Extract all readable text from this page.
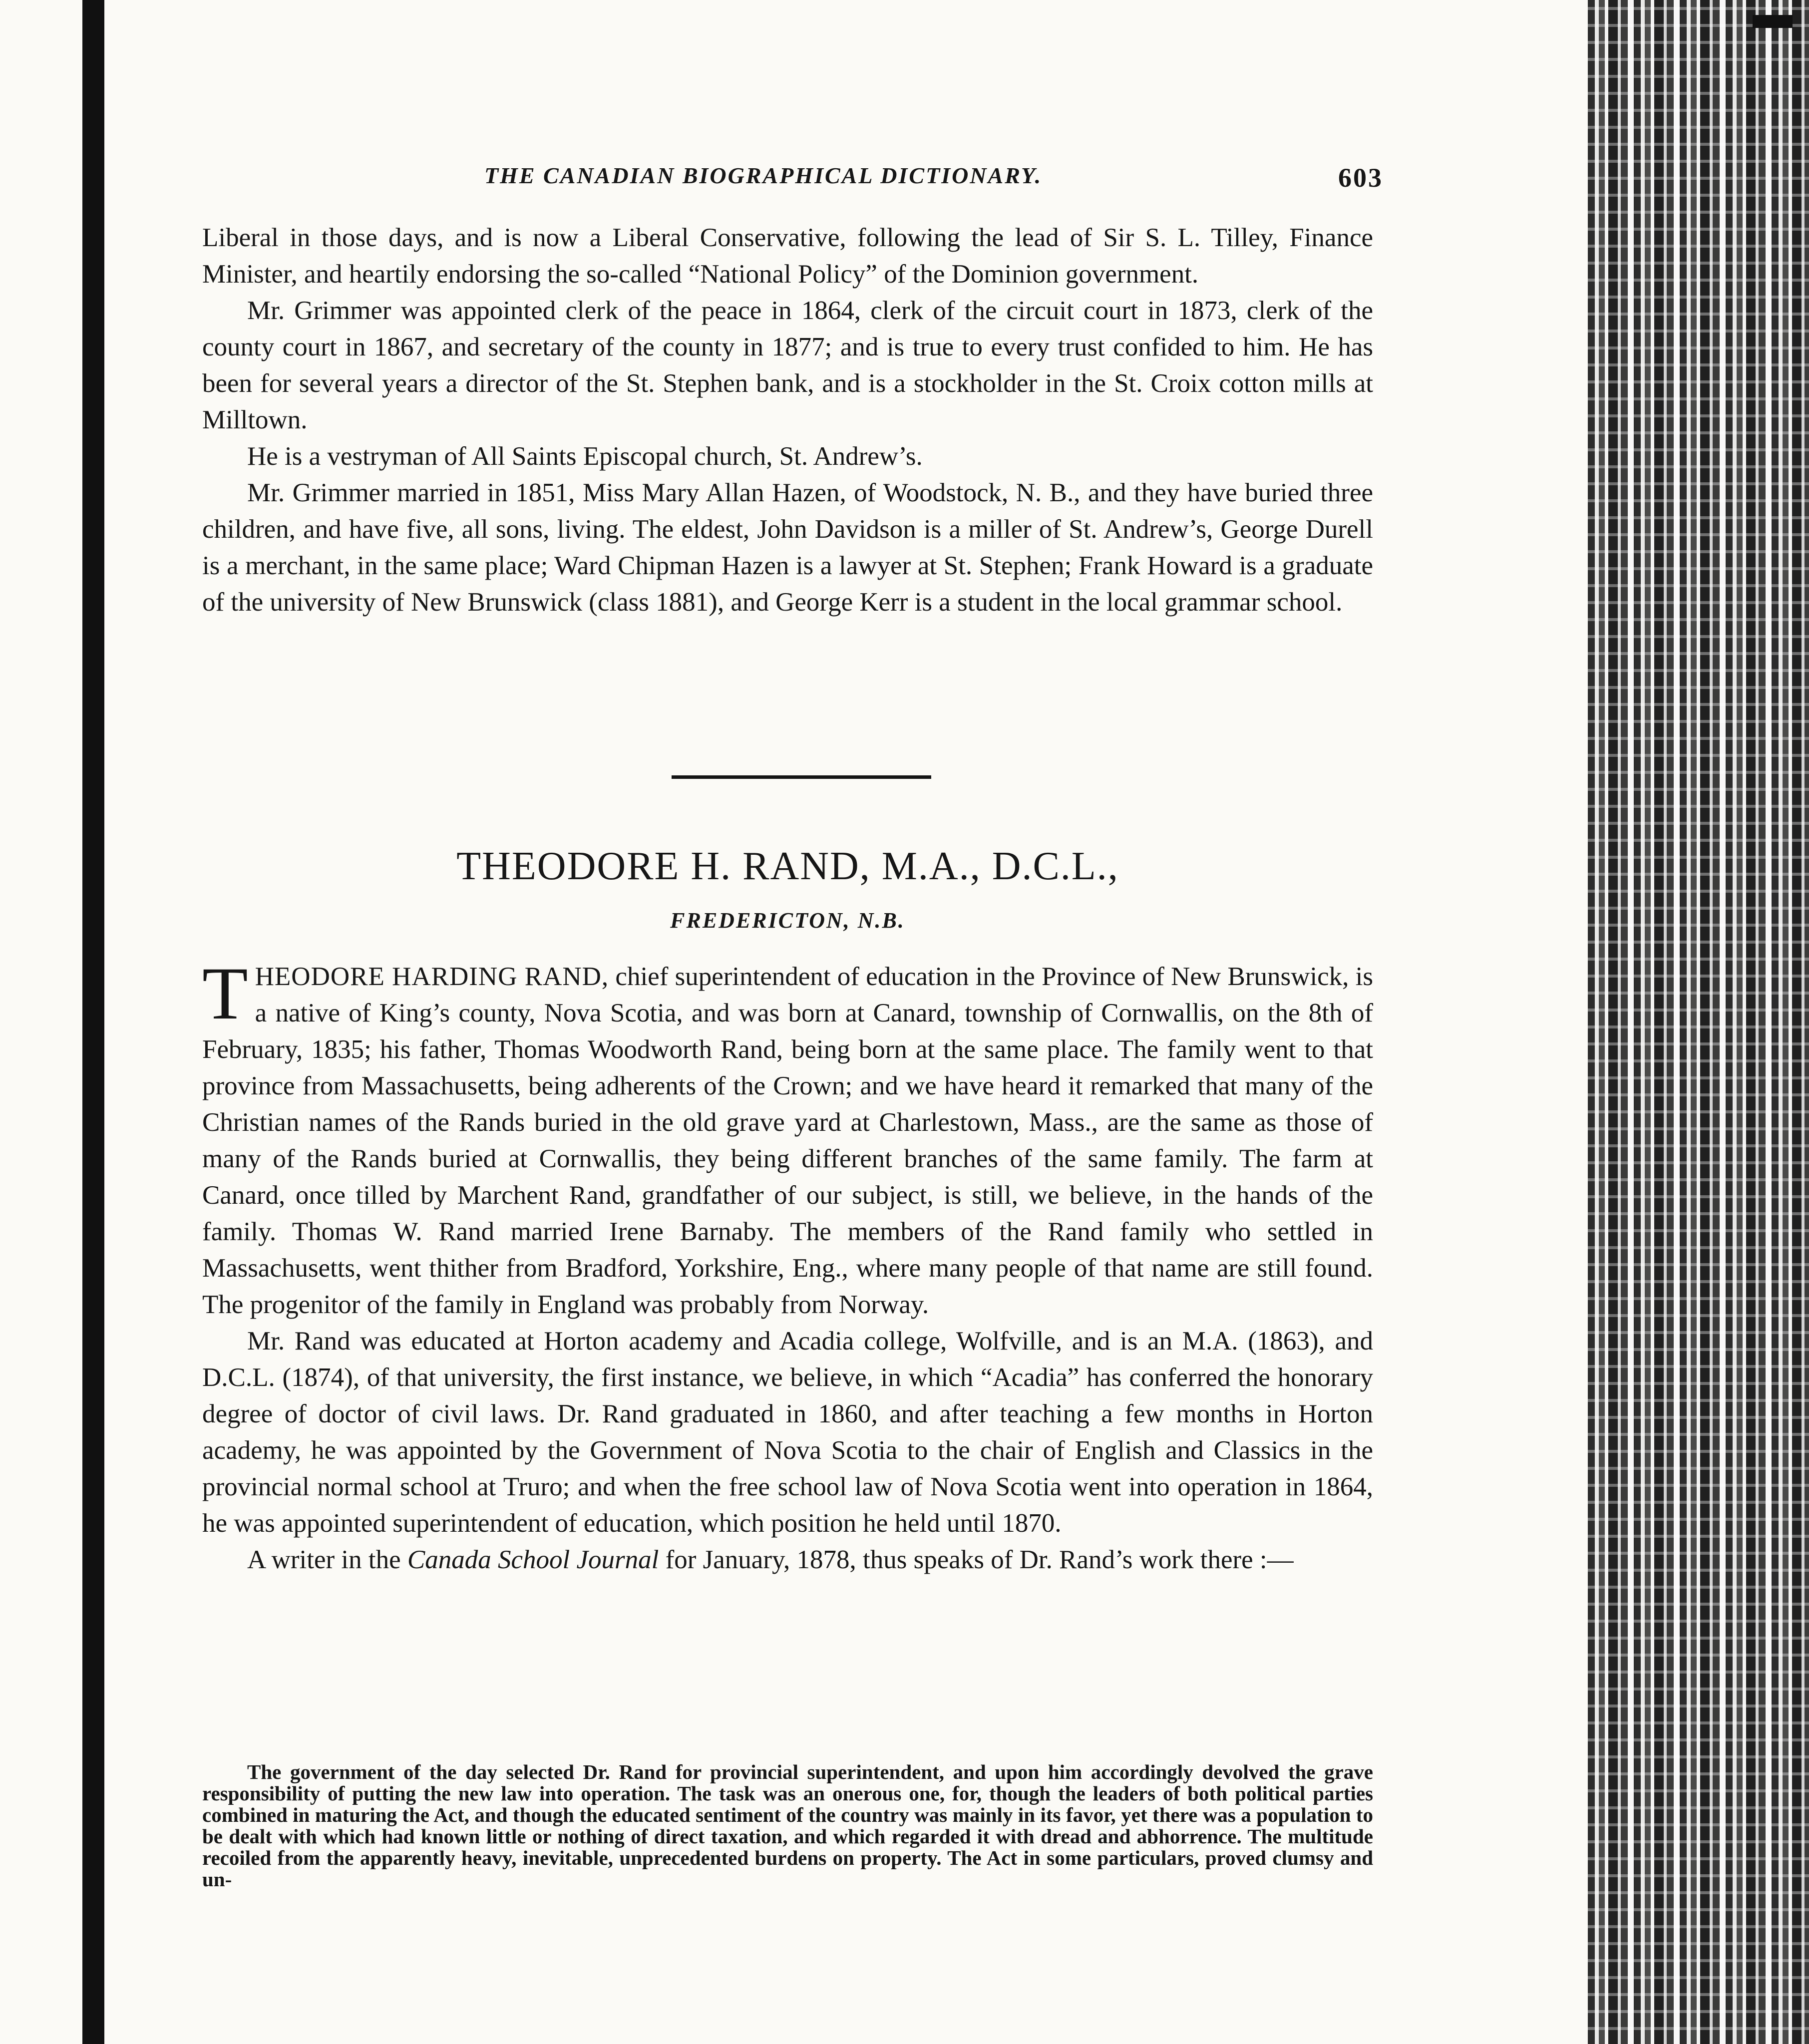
THE CANADIAN BIOGRAPHICAL DICTIONARY.	603

Liberal in those days, and is now a Liberal Conservative, following the lead of Sir S. L. Tilley, Finance Minister, and heartily endorsing the so-called “National Policy” of the Dominion government.

Mr. Grimmer was appointed clerk of the peace in 1864, clerk of the circuit court in 1873, clerk of the county court in 1867, and secretary of the county in 1877; and is true to every trust confided to him. He has been for several years a director of the St. Stephen bank, and is a stockholder in the St. Croix cotton mills at Milltown.

He is a vestryman of All Saints Episcopal church, St. Andrew’s.

Mr. Grimmer married in 1851, Miss Mary Allan Hazen, of Woodstock, N. B., and they have buried three children, and have five, all sons, living. The eldest, John Davidson is a miller of St. Andrew’s, George Durell is a merchant, in the same place; Ward Chipman Hazen is a lawyer at St. Stephen; Frank Howard is a graduate of the university of New Brunswick (class 1881), and George Kerr is a student in the local grammar school.

THEODORE H. RAND, M.A., D.C.L.,
FREDERICTON, N.B.

T HEODORE HARDING RAND, chief superintendent of education in the Province of New Brunswick, is a native of King’s county, Nova Scotia, and was born at Canard, township of Cornwallis, on the 8th of February, 1835; his father, Thomas Woodworth Rand, being born at the same place. The family went to that province from Massachusetts, being adherents of the Crown; and we have heard it remarked that many of the Christian names of the Rands buried in the old grave yard at Charlestown, Mass., are the same as those of many of the Rands buried at Cornwallis, they being different branches of the same family. The farm at Canard, once tilled by Marchent Rand, grandfather of our subject, is still, we believe, in the hands of the family. Thomas W. Rand married Irene Barnaby. The members of the Rand family who settled in Massachusetts, went thither from Bradford, Yorkshire, Eng., where many people of that name are still found. The progenitor of the family in England was probably from Norway.

Mr. Rand was educated at Horton academy and Acadia college, Wolfville, and is an M.A. (1863), and D.C.L. (1874), of that university, the first instance, we believe, in which “Acadia” has conferred the honorary degree of doctor of civil laws. Dr. Rand graduated in 1860, and after teaching a few months in Horton academy, he was appointed by the Government of Nova Scotia to the chair of English and Classics in the provincial normal school at Truro; and when the free school law of Nova Scotia went into operation in 1864, he was appointed superintendent of education, which position he held until 1870.

A writer in the Canada School Journal for January, 1878, thus speaks of Dr. Rand’s work there :—

The government of the day selected Dr. Rand for provincial superintendent, and upon him accordingly devolved the grave responsibility of putting the new law into operation. The task was an onerous one, for, though the leaders of both political parties combined in maturing the Act, and though the educated sentiment of the country was mainly in its favor, yet there was a population to be dealt with which had known little or nothing of direct taxation, and which regarded it with dread and abhorrence. The multitude recoiled from the apparently heavy, inevitable, unprecedented burdens on property. The Act in some particulars, proved clumsy and un-
